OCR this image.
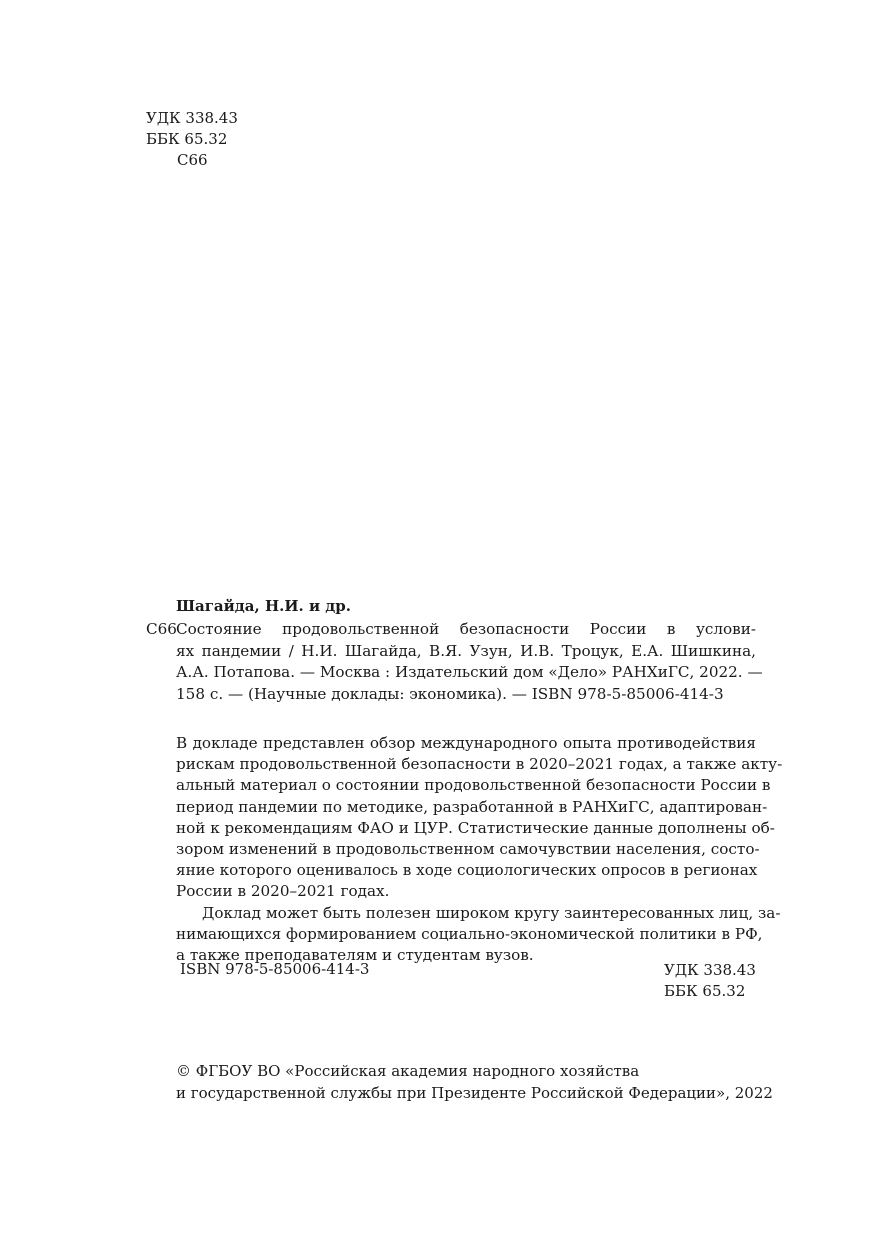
УДК 338.43
ББК 65.32
С66
Шагайда, Н.И. и др.
С66 Состояние продовольственной безопасности России в услови-
ях пандемии / Н.И. Шагайда, В.Я. Узун, И.В. Троцук, Е.А. Шишкина,
А.А. Потапова. — Москва : Издательский дом «Дело» РАНХиГС, 2022. —
158 с. — (Научные доклады: экономика). — ISBN 978-5-85006-414-3
В докладе представлен обзор международного опыта противодействия
рискам продовольственной безопасности в 2020–2021 годах, а также акту-
альный материал о состоянии продовольственной безопасности России в
период пандемии по методике, разработанной в РАНХиГС, адаптирован-
ной к рекомендациям ФАО и ЦУР. Статистические данные дополнены об-
зором изменений в продовольственном самочувствии населения, состо-
яние которого оценивалось в ходе социологических опросов в регионах
России в 2020–2021 годах.
Доклад может быть полезен широком кругу заинтересованных лиц, за-
нимающихся формированием социально-экономической политики в РФ,
а также преподавателям и студентам вузов.
ISBN 978-5-85006-414-3	УДК 338.43
ББК 65.32
© ФГБОУ ВО «Российская академия народного хозяйства
и государственной службы при Президенте Российской Федерации», 2022
